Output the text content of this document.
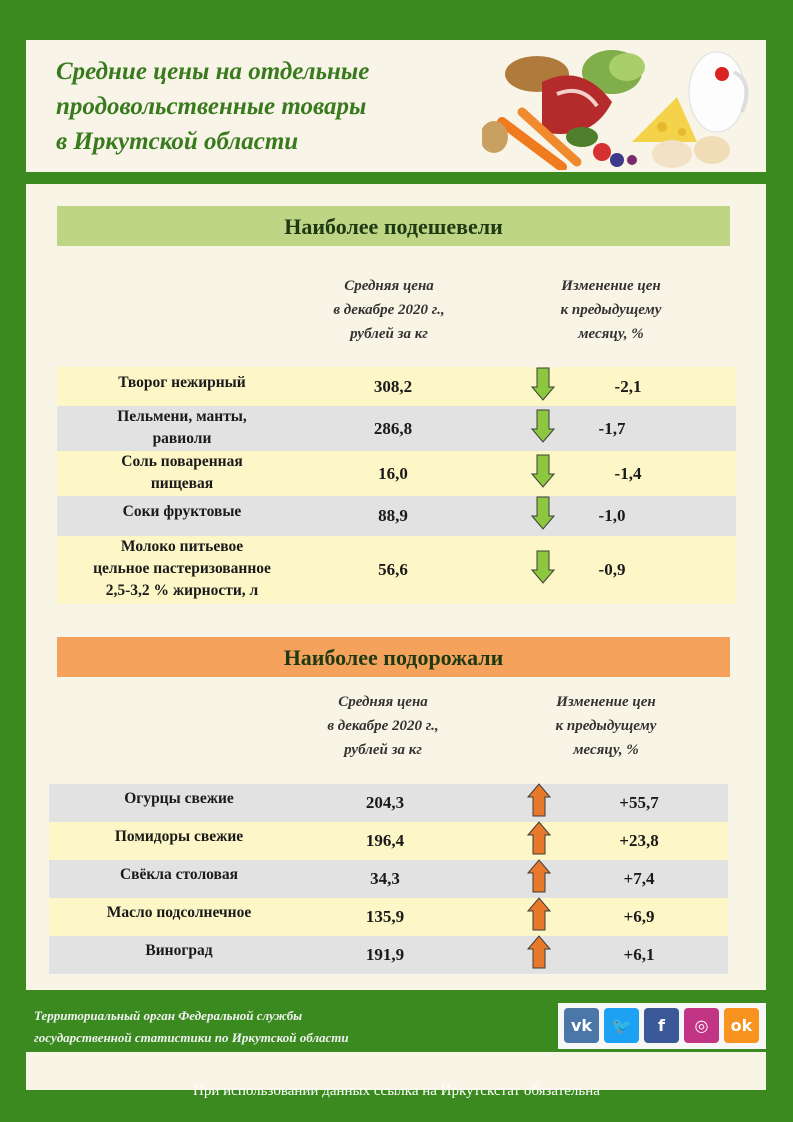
Средние цены на отдельные
продовольственные товары
в Иркутской области
Наиболее подешевели
Средняя цена
в декабре 2020 г.,
рублей за кг
Изменение цен
к предыдущему
месяцу, %
Творог нежирный	308,2	-2,1
Пельмени, манты,
равиоли
286,8	-1,7
Соль поваренная
пищевая
16,0	-1,4
Соки фруктовые	88,9	-1,0
Молоко питьевое
цельное пастеризованное
2,5-3,2 % жирности, л
56,6	-0,9
Наиболее подорожали
Средняя цена
в декабре 2020 г.,
рублей за кг
Изменение цен
к предыдущему
месяцу, %
Огурцы свежие	204,3	+55,7
Помидоры свежие	196,4	+23,8
Свёкла столовая	34,3	+7,4
Масло подсолнечное	135,9	+6,9
Виноград	191,9	+6,1
Территориальный орган Федеральной службы
государственной статистики по Иркутской области
vk	🐦	f	◎	ok
При использовании данных ссылка на Иркутскстат обязательна
